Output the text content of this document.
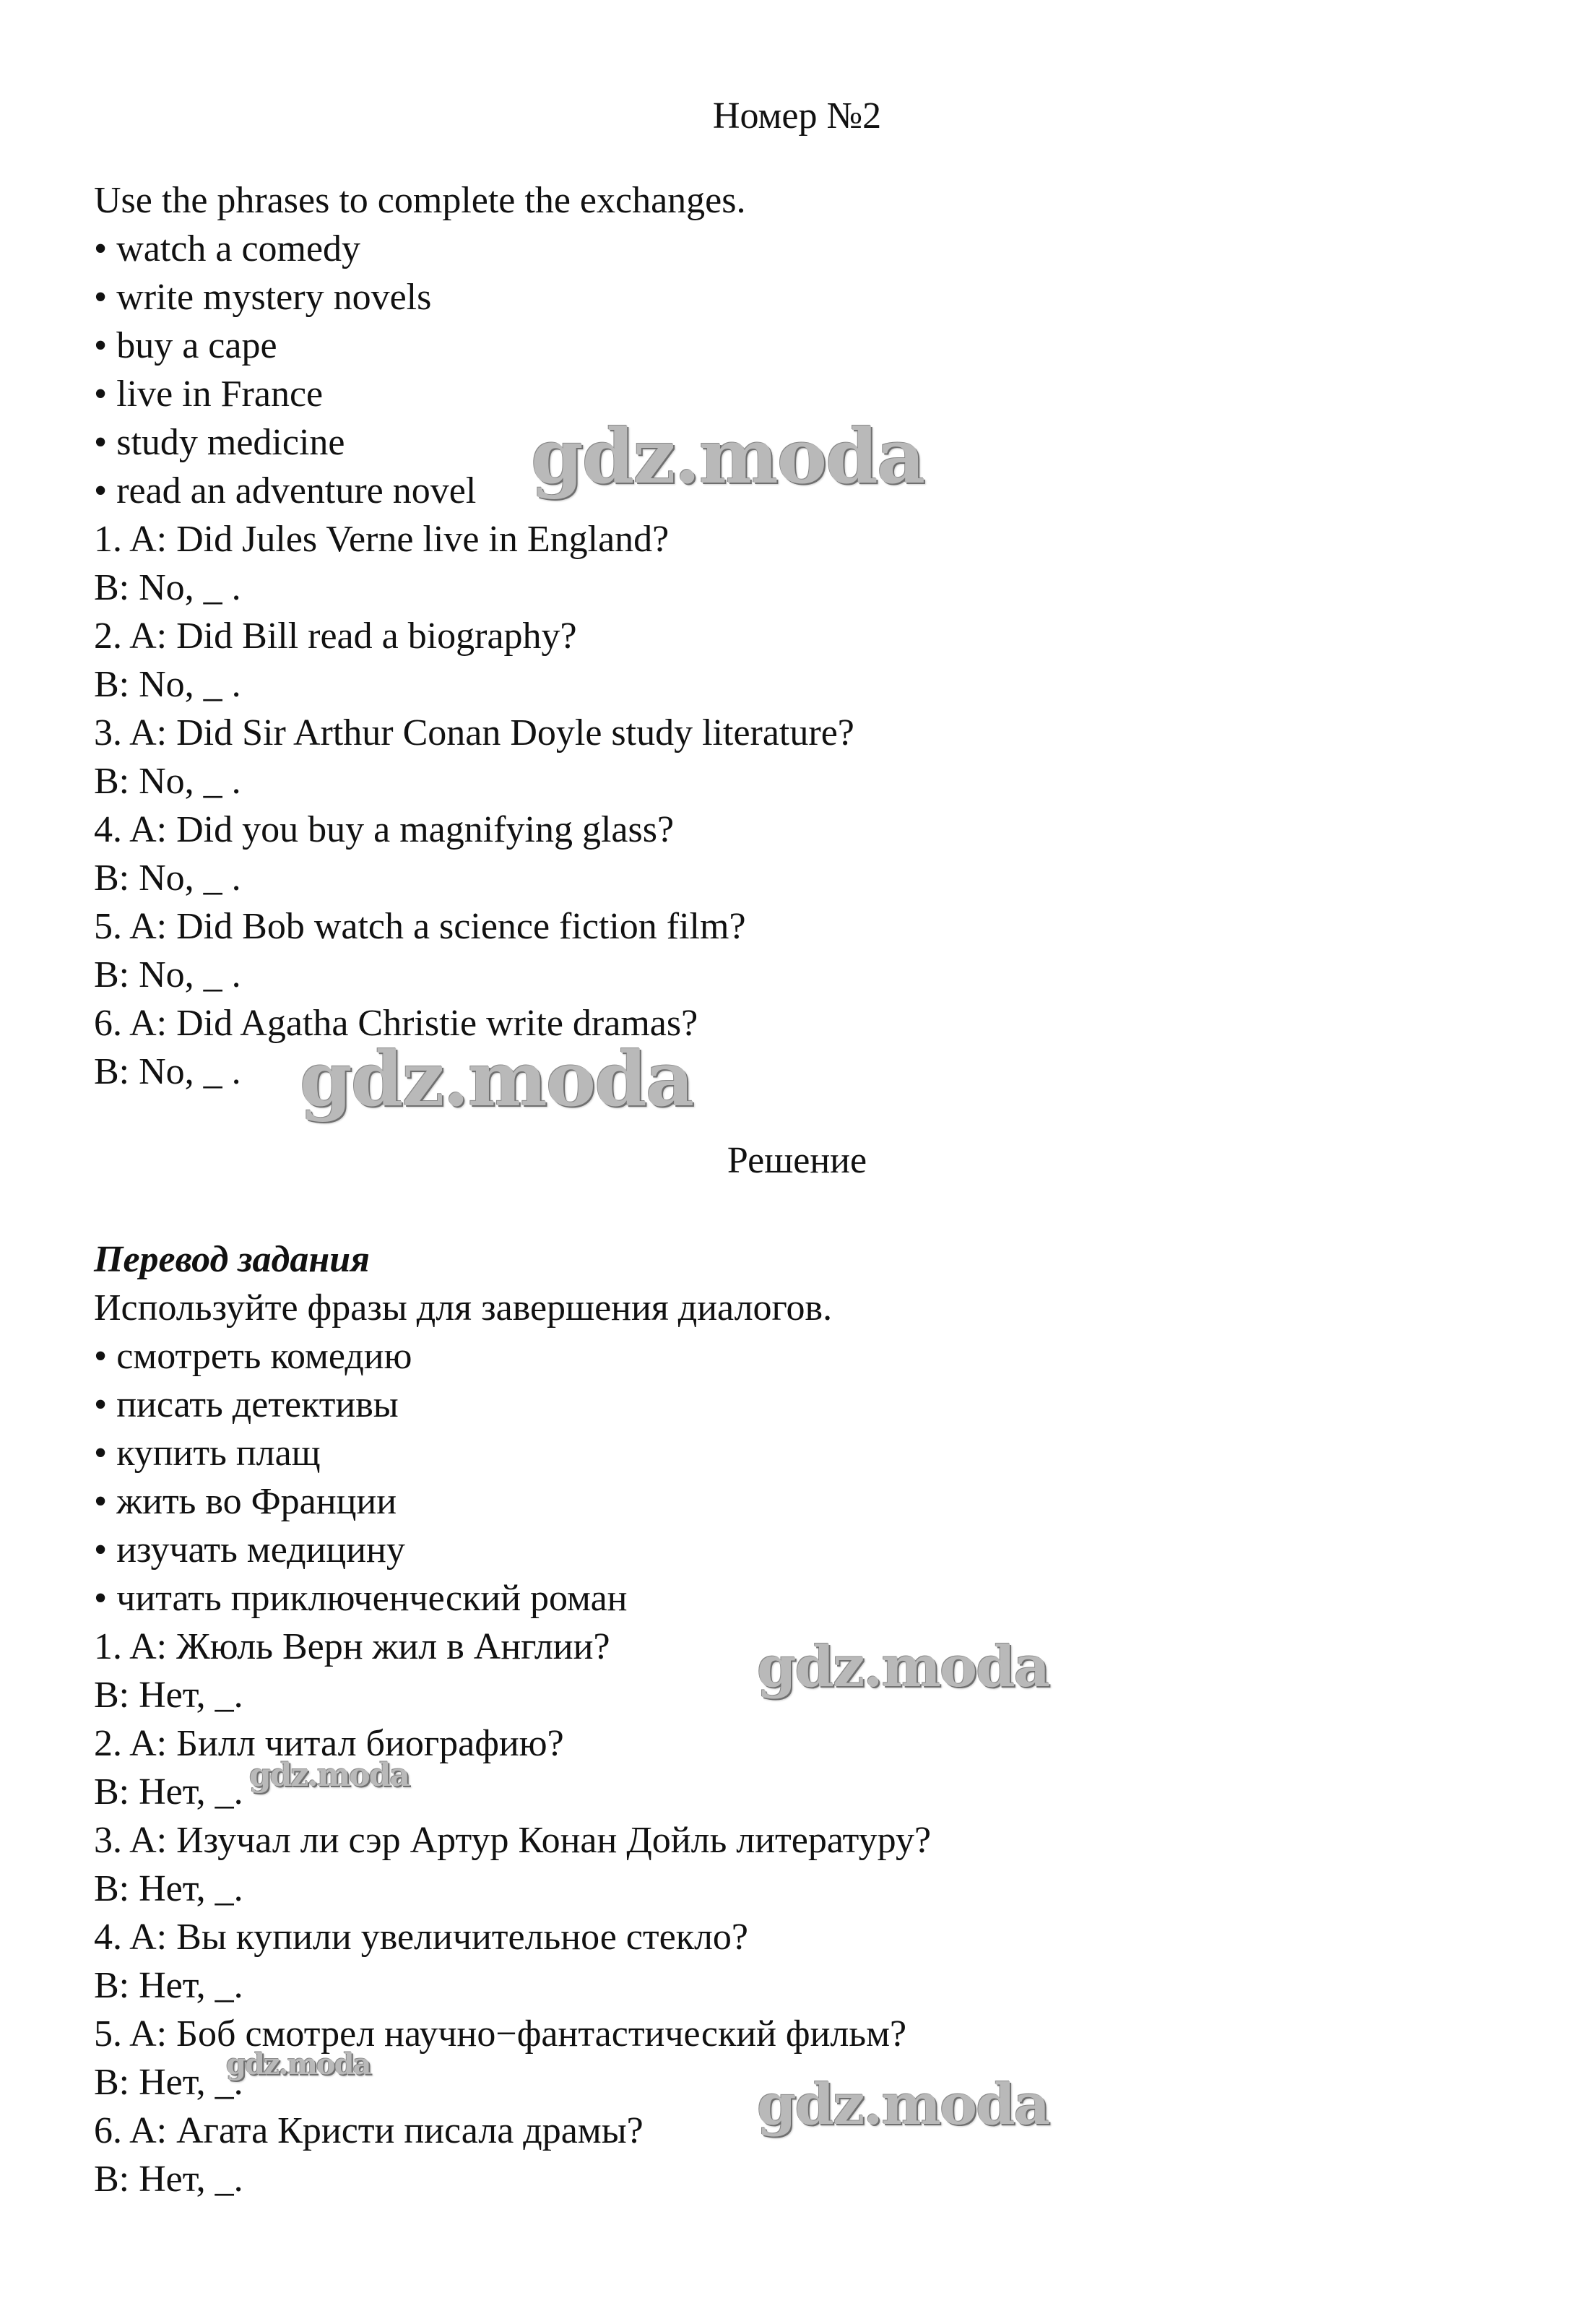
Номер №2
Use the phrases to complete the exchanges.
• watch a comedy
• write mystery novels
• buy a cape
• live in France
• study medicine
• read an adventure novel
1. A: Did Jules Verne live in England?
B: No, _ .
2. A: Did Bill read a biography?
B: No, _ .
3. A: Did Sir Arthur Conan Doyle study literature?
B: No, _ .
4. A: Did you buy a magnifying glass?
B: No, _ .
5. A: Did Bob watch a science fiction film?
B: No, _ .
6. A: Did Agatha Christie write dramas?
B: No, _ .
Решение
Перевод задания
Используйте фразы для завершения диалогов.
• смотреть комедию
• писать детективы
• купить плащ
• жить во Франции
• изучать медицину
• читать приключенческий роман
1. A: Жюль Верн жил в Англии?
B: Нет, _.
2. A: Билл читал биографию?
B: Нет, _.
3. A: Изучал ли сэр Артур Конан Дойль литературу?
B: Нет, _.
4. A: Вы купили увеличительное стекло?
B: Нет, _.
5. A: Боб смотрел научно−фантастический фильм?
B: Нет, _.
6. A: Агата Кристи писала драмы?
B: Нет, _.
gdz.moda
gdz.moda
gdz.moda
gdz.moda
gdz.moda
gdz.moda
